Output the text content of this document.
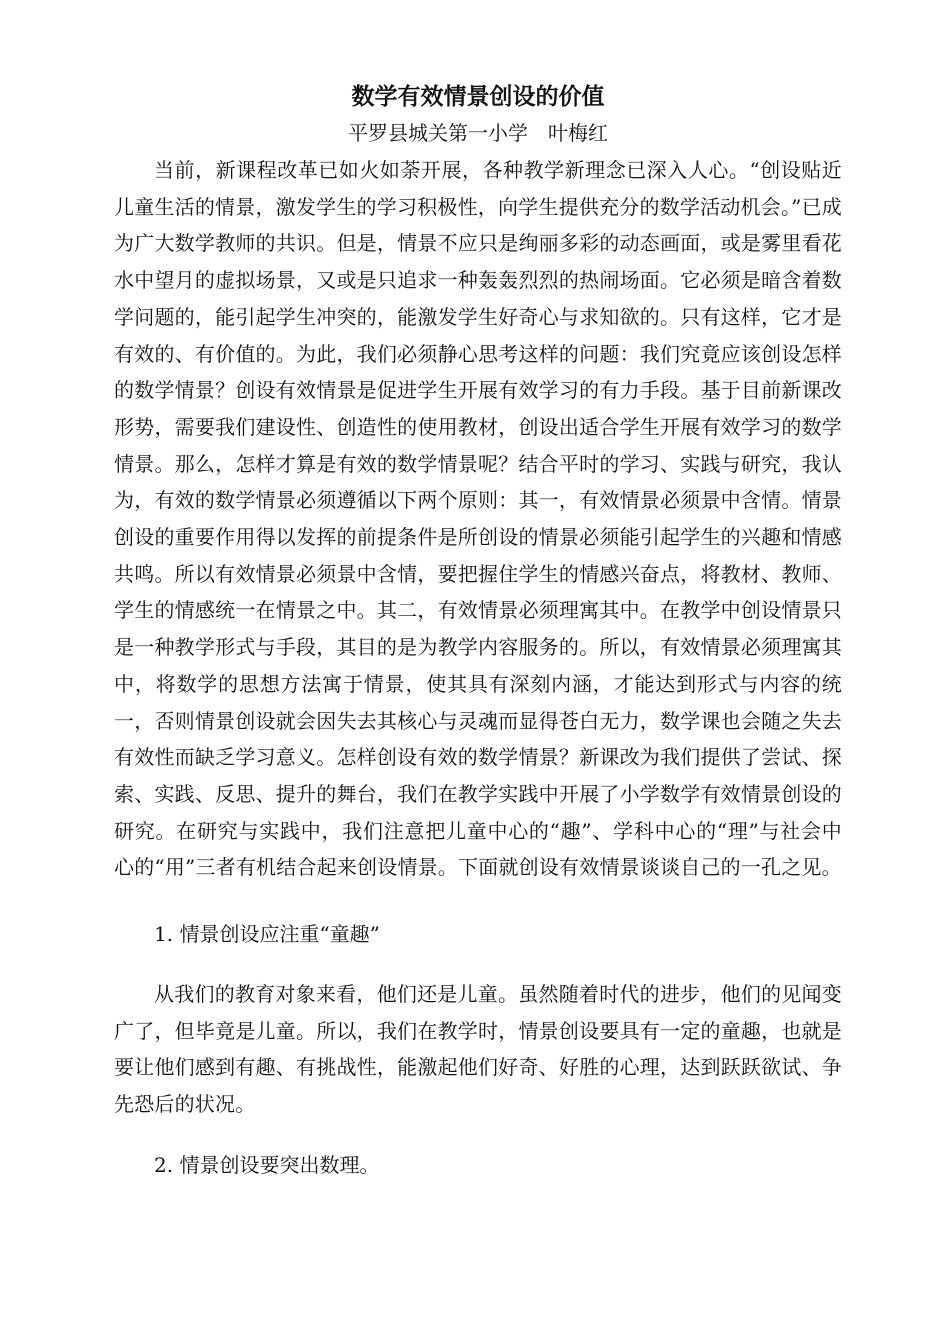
数学有效情景创设的价值

平罗县城关第一小学　叶梅红

当前，新课程改革已如火如荼开展，各种教学新理念已深入人心。“创设贴近儿童生活的情景，激发学生的学习积极性，向学生提供充分的数学活动机会。”已成为广大数学教师的共识。但是，情景不应只是绚丽多彩的动态画面，或是雾里看花水中望月的虚拟场景，又或是只追求一种轰轰烈烈的热闹场面。它必须是暗含着数学问题的，能引起学生冲突的，能激发学生好奇心与求知欲的。只有这样，它才是有效的、有价值的。为此，我们必须静心思考这样的问题：我们究竟应该创设怎样的数学情景？创设有效情景是促进学生开展有效学习的有力手段。基于目前新课改形势，需要我们建设性、创造性的使用教材，创设出适合学生开展有效学习的数学情景。那么，怎样才算是有效的数学情景呢？结合平时的学习、实践与研究，我认为，有效的数学情景必须遵循以下两个原则：其一，有效情景必须景中含情。情景创设的重要作用得以发挥的前提条件是所创设的情景必须能引起学生的兴趣和情感共鸣。所以有效情景必须景中含情，要把握住学生的情感兴奋点，将教材、教师、学生的情感统一在情景之中。其二，有效情景必须理寓其中。在教学中创设情景只是一种教学形式与手段，其目的是为教学内容服务的。所以，有效情景必须理寓其中，将数学的思想方法寓于情景，使其具有深刻内涵，才能达到形式与内容的统一，否则情景创设就会因失去其核心与灵魂而显得苍白无力，数学课也会随之失去有效性而缺乏学习意义。怎样创设有效的数学情景？新课改为我们提供了尝试、探索、实践、反思、提升的舞台，我们在教学实践中开展了小学数学有效情景创设的研究。在研究与实践中，我们注意把儿童中心的“趣”、学科中心的“理”与社会中心的“用”三者有机结合起来创设情景。下面就创设有效情景谈谈自己的一孔之见。

1. 情景创设应注重“童趣”

从我们的教育对象来看，他们还是儿童。虽然随着时代的进步，他们的见闻变广了，但毕竟是儿童。所以，我们在教学时，情景创设要具有一定的童趣，也就是要让他们感到有趣、有挑战性，能激起他们好奇、好胜的心理，达到跃跃欲试、争先恐后的状况。

2. 情景创设要突出数理。
